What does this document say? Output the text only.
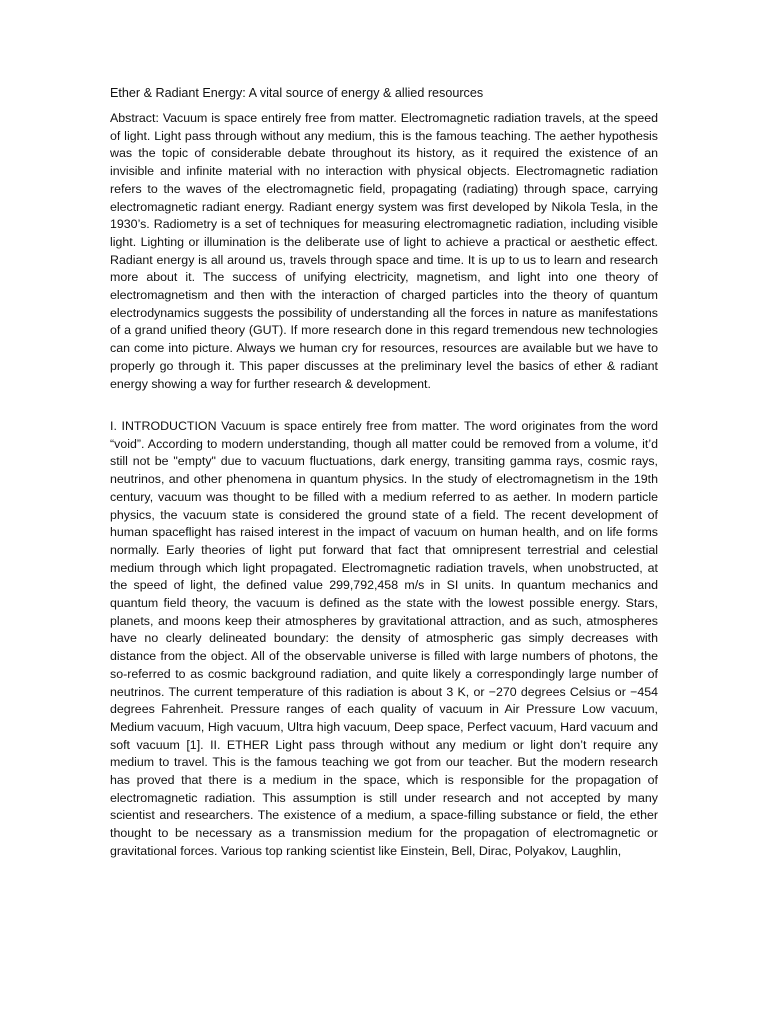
Ether & Radiant Energy: A vital source of energy & allied resources

Abstract: Vacuum is space entirely free from matter. Electromagnetic radiation travels, at the speed of light. Light pass through without any medium, this is the famous teaching. The aether hypothesis was the topic of considerable debate throughout its history, as it required the existence of an invisible and infinite material with no interaction with physical objects. Electromagnetic radiation refers to the waves of the electromagnetic field, propagating (radiating) through space, carrying electromagnetic radiant energy. Radiant energy system was first developed by Nikola Tesla, in the 1930’s. Radiometry is a set of techniques for measuring electromagnetic radiation, including visible light. Lighting or illumination is the deliberate use of light to achieve a practical or aesthetic effect. Radiant energy is all around us, travels through space and time. It is up to us to learn and research more about it. The success of unifying electricity, magnetism, and light into one theory of electromagnetism and then with the interaction of charged particles into the theory of quantum electrodynamics suggests the possibility of understanding all the forces in nature as manifestations of a grand unified theory (GUT). If more research done in this regard tremendous new technologies can come into picture. Always we human cry for resources, resources are available but we have to properly go through it. This paper discusses at the preliminary level the basics of ether & radiant energy showing a way for further research & development.

I. INTRODUCTION Vacuum is space entirely free from matter. The word originates from the word “void”. According to modern understanding, though all matter could be removed from a volume, it’d still not be "empty" due to vacuum fluctuations, dark energy, transiting gamma rays, cosmic rays, neutrinos, and other phenomena in quantum physics. In the study of electromagnetism in the 19th century, vacuum was thought to be filled with a medium referred to as aether. In modern particle physics, the vacuum state is considered the ground state of a field. The recent development of human spaceflight has raised interest in the impact of vacuum on human health, and on life forms normally. Early theories of light put forward that fact that omnipresent terrestrial and celestial medium through which light propagated. Electromagnetic radiation travels, when unobstructed, at the speed of light, the defined value 299,792,458 m/s in SI units. In quantum mechanics and quantum field theory, the vacuum is defined as the state with the lowest possible energy. Stars, planets, and moons keep their atmospheres by gravitational attraction, and as such, atmospheres have no clearly delineated boundary: the density of atmospheric gas simply decreases with distance from the object. All of the observable universe is filled with large numbers of photons, the so-referred to as cosmic background radiation, and quite likely a correspondingly large number of neutrinos. The current temperature of this radiation is about 3 K, or −270 degrees Celsius or −454 degrees Fahrenheit. Pressure ranges of each quality of vacuum in Air Pressure Low vacuum, Medium vacuum, High vacuum, Ultra high vacuum, Deep space, Perfect vacuum, Hard vacuum and soft vacuum [1]. II. ETHER Light pass through without any medium or light don’t require any medium to travel. This is the famous teaching we got from our teacher. But the modern research has proved that there is a medium in the space, which is responsible for the propagation of electromagnetic radiation. This assumption is still under research and not accepted by many scientist and researchers. The existence of a medium, a space-filling substance or field, the ether thought to be necessary as a transmission medium for the propagation of electromagnetic or gravitational forces. Various top ranking scientist like Einstein, Bell, Dirac, Polyakov, Laughlin,
